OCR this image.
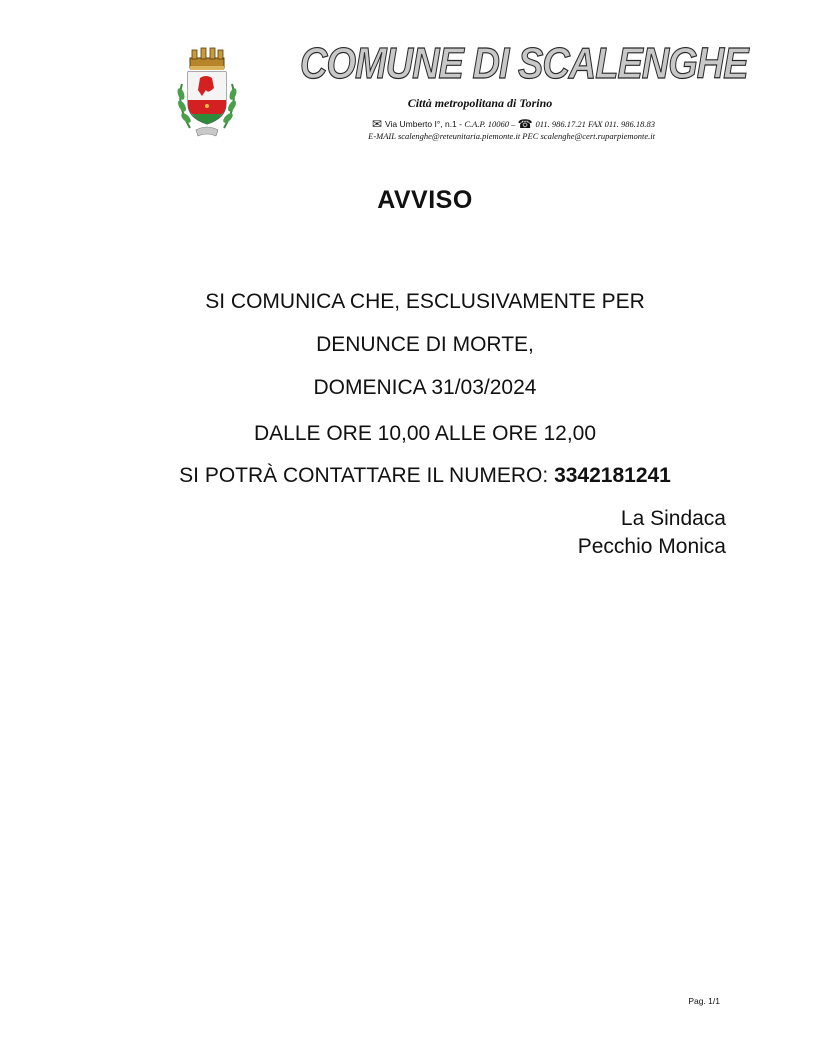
COMUNE DI SCALENGHE
Città metropolitana di Torino
✉ Via Umberto I°, n.1 - C.A.P. 10060 – ☎ 011. 986.17.21 FAX 011. 986.18.83
E-MAIL scalenghe@reteunitaria.piemonte.it PEC scalenghe@cert.ruparpiemonte.it
AVVISO
SI COMUNICA CHE, ESCLUSIVAMENTE PER
DENUNCE DI MORTE,
DOMENICA 31/03/2024
DALLE ORE 10,00 ALLE ORE 12,00
SI POTRÀ CONTATTARE IL NUMERO: 3342181241
La Sindaca
Pecchio Monica
Pag. 1/1
